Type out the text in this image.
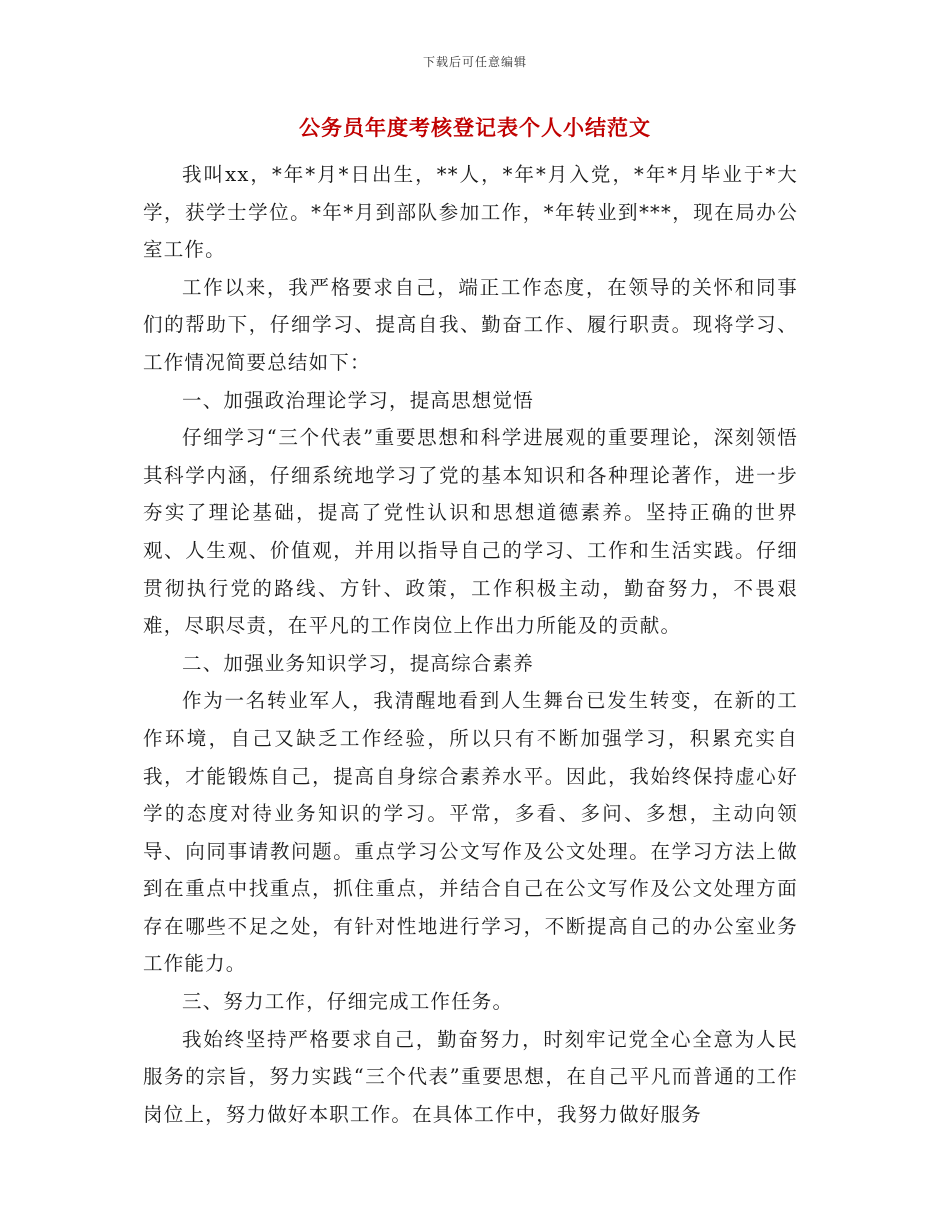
下载后可任意编辑
公务员年度考核登记表个人小结范文

我叫xx，*年*月*日出生，**人，*年*月入党，*年*月毕业于*大学，获学士学位。*年*月到部队参加工作，*年转业到***，现在局办公室工作。

工作以来，我严格要求自己，端正工作态度，在领导的关怀和同事们的帮助下，仔细学习、提高自我、勤奋工作、履行职责。现将学习、工作情况简要总结如下：

一、加强政治理论学习，提高思想觉悟

仔细学习“三个代表”重要思想和科学进展观的重要理论，深刻领悟其科学内涵，仔细系统地学习了党的基本知识和各种理论著作，进一步夯实了理论基础，提高了党性认识和思想道德素养。坚持正确的世界观、人生观、价值观，并用以指导自己的学习、工作和生活实践。仔细贯彻执行党的路线、方针、政策，工作积极主动，勤奋努力，不畏艰难，尽职尽责，在平凡的工作岗位上作出力所能及的贡献。

二、加强业务知识学习，提高综合素养

作为一名转业军人，我清醒地看到人生舞台已发生转变，在新的工作环境，自己又缺乏工作经验，所以只有不断加强学习，积累充实自我，才能锻炼自己，提高自身综合素养水平。因此，我始终保持虚心好学的态度对待业务知识的学习。平常，多看、多问、多想，主动向领导、向同事请教问题。重点学习公文写作及公文处理。在学习方法上做到在重点中找重点，抓住重点，并结合自己在公文写作及公文处理方面存在哪些不足之处，有针对性地进行学习，不断提高自己的办公室业务工作能力。

三、努力工作，仔细完成工作任务。

我始终坚持严格要求自己，勤奋努力，时刻牢记党全心全意为人民服务的宗旨，努力实践“三个代表”重要思想，在自己平凡而普通的工作岗位上，努力做好本职工作。在具体工作中，我努力做好服务
